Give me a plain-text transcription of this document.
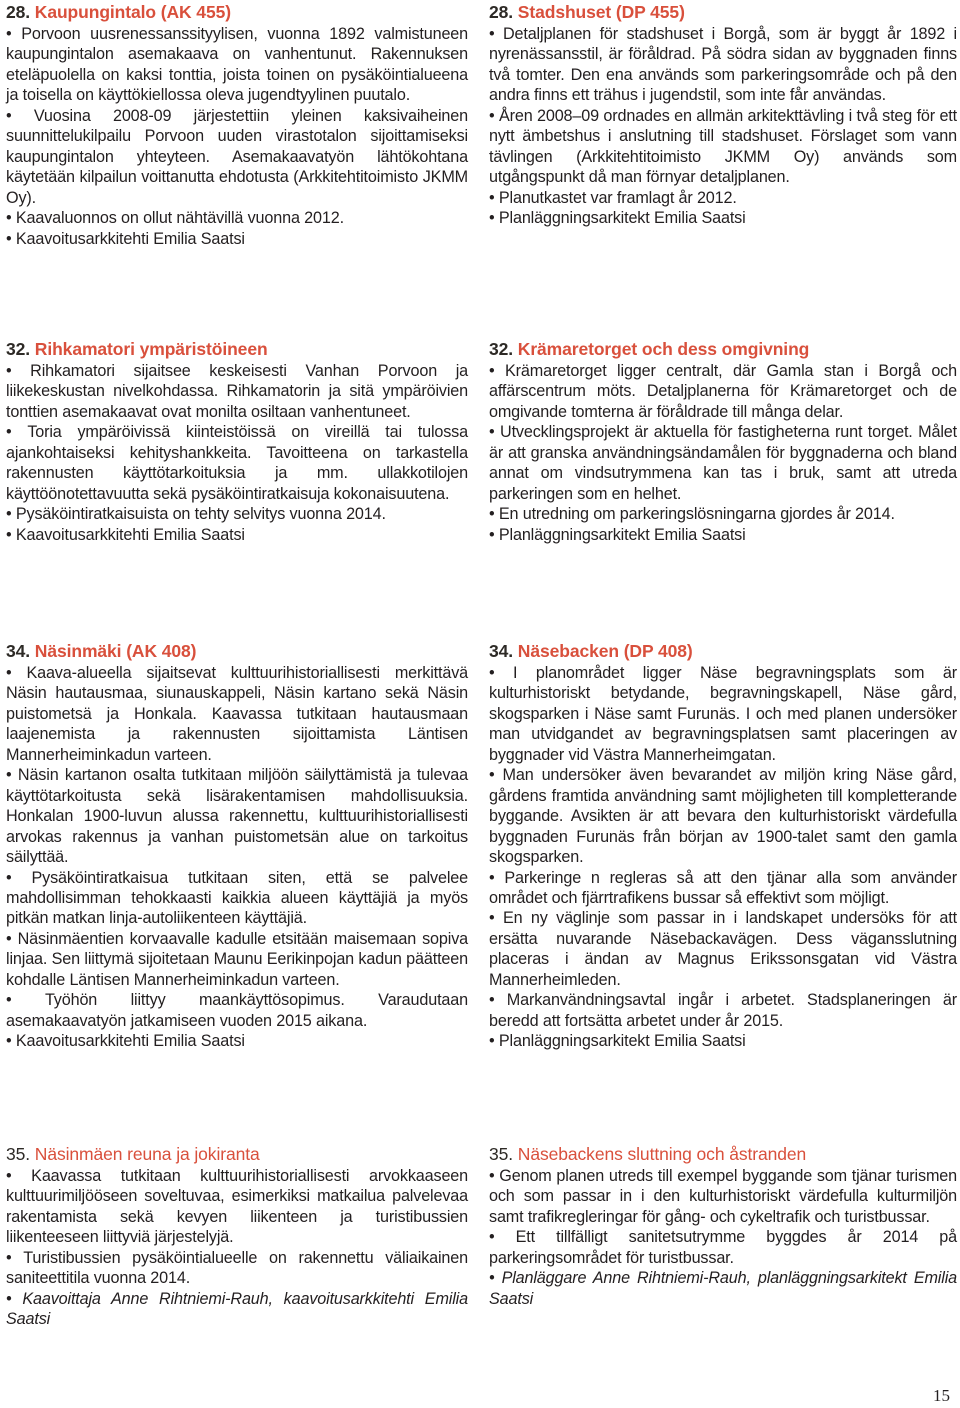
28. Kaupungintalo (AK 455)

• Porvoon uusrenessanssityylisen, vuonna 1892 valmistuneen kaupungintalon asemakaava on vanhentunut. Rakennuksen eteläpuolella on kaksi tonttia, joista toinen on pysäköintialueena ja toisella on käyttökiellossa oleva jugendtyylinen puutalo.

• Vuosina 2008-09 järjestettiin yleinen kaksivaiheinen suunnittelukilpailu Porvoon uuden virastotalon sijoittamiseksi kaupungintalon yhteyteen. Asemakaavatyön lähtökohtana käytetään kilpailun voittanutta ehdotusta (Arkkitehtitoimisto JKMM Oy).

• Kaavaluonnos on ollut nähtävillä vuonna 2012.

• Kaavoitusarkkitehti Emilia Saatsi

28. Stadshuset (DP 455)

• Detaljplanen för stadshuset i Borgå, som är byggt år 1892 i nyrenässansstil, är föråldrad. På södra sidan av byggnaden finns två tomter. Den ena används som parkeringsområde och på den andra finns ett trähus i jugendstil, som inte får användas.

• Åren 2008–09 ordnades en allmän arkitekttävling i två steg för ett nytt ämbetshus i anslutning till stadshuset. Förslaget som vann tävlingen (Arkkitehtitoimisto JKMM Oy) används som utgångspunkt då man förnyar detaljplanen.

• Planutkastet var framlagt år 2012.

• Planläggningsarkitekt Emilia Saatsi

32. Rihkamatori ympäristöineen

• Rihkamatori sijaitsee keskeisesti Vanhan Porvoon ja liikekeskustan nivelkohdassa. Rihkamatorin ja sitä ympäröivien tonttien asemakaavat ovat monilta osiltaan vanhentuneet.

• Toria ympäröivissä kiinteistöissä on vireillä tai tulossa ajankohtaiseksi kehityshankkeita. Tavoitteena on tarkastella rakennusten käyttötarkoituksia ja mm. ullakkotilojen käyttöönotettavuutta sekä pysäköintiratkaisuja kokonaisuutena.

• Pysäköintiratkaisuista on tehty selvitys vuonna 2014.

• Kaavoitusarkkitehti Emilia Saatsi

32. Krämaretorget och dess omgivning

• Krämaretorget ligger centralt, där Gamla stan i Borgå och affärscentrum möts. Detaljplanerna för Krämaretorget och de omgivande tomterna är föråldrade till många delar.

• Utvecklingsprojekt är aktuella för fastigheterna runt torget. Målet är att granska användningsändamålen för byggnaderna och bland annat om vindsutrymmena kan tas i bruk, samt att utreda parkeringen som en helhet.

• En utredning om parkeringslösningarna gjordes år 2014.

• Planläggningsarkitekt Emilia Saatsi

34. Näsinmäki (AK 408)

• Kaava-alueella sijaitsevat kulttuurihistoriallisesti merkittävä Näsin hautausmaa, siunauskappeli, Näsin kartano sekä Näsin puistometsä ja Honkala. Kaavassa tutkitaan hautausmaan laajenemista ja rakennusten sijoittamista Läntisen Mannerheiminkadun varteen.

• Näsin kartanon osalta tutkitaan miljöön säilyttämistä ja tulevaa käyttötarkoitusta sekä lisärakentamisen mahdollisuuksia. Honkalan 1900-luvun alussa rakennettu, kulttuurihistoriallisesti arvokas rakennus ja vanhan puistometsän alue on tarkoitus säilyttää.

• Pysäköintiratkaisua tutkitaan siten, että se palvelee mahdollisimman tehokkaasti kaikkia alueen käyttäjiä ja myös pitkän matkan linja-autoliikenteen käyttäjiä.

• Näsinmäentien korvaavalle kadulle etsitään maisemaan sopiva linjaa. Sen liittymä sijoitetaan Maunu Eerikinpojan kadun päätteen kohdalle Läntisen Mannerheiminkadun varteen.

• Työhön liittyy maankäyttösopimus. Varaudutaan asemakaavatyön jatkamiseen vuoden 2015 aikana.

• Kaavoitusarkkitehti Emilia Saatsi

34. Näsebacken (DP 408)

• I planområdet ligger Näse begravningsplats som är kulturhistoriskt betydande, begravningskapell, Näse gård, skogsparken i Näse samt Furunäs. I och med planen undersöker man utvidgandet av begravningsplatsen samt placeringen av byggnader vid Västra Mannerheimgatan.

• Man undersöker även bevarandet av miljön kring Näse gård, gårdens framtida användning samt möjligheten till kompletterande byggande. Avsikten är att bevara den kulturhistoriskt värdefulla byggnaden Furunäs från början av 1900-talet samt den gamla skogsparken.

• Parkeringe n regleras så att den tjänar alla som använder området och fjärrtrafikens bussar så effektivt som möjligt.

• En ny väglinje som passar in i landskapet undersöks för att ersätta nuvarande Näsebackavägen. Dess vägansslutning placeras i ändan av Magnus Erikssonsgatan vid Västra Mannerheimleden.

• Markanvändningsavtal ingår i arbetet. Stadsplaneringen är beredd att fortsätta arbetet under år 2015.

• Planläggningsarkitekt Emilia Saatsi

35. Näsinmäen reuna ja jokiranta

• Kaavassa tutkitaan kulttuurihistoriallisesti arvokkaaseen kulttuurimiljööseen soveltuvaa, esimerkiksi matkailua palvelevaa rakentamista sekä kevyen liikenteen ja turistibussien liikenteeseen liittyviä järjestelyjä.

• Turistibussien pysäköintialueelle on rakennettu väliaikainen saniteettitila vuonna 2014.

• Kaavoittaja Anne Rihtniemi-Rauh, kaavoitusarkkitehti Emilia Saatsi

35. Näsebackens sluttning och åstranden

• Genom planen utreds till exempel byggande som tjänar turismen och som passar in i den kulturhistoriskt värdefulla kulturmiljön samt trafikregleringar för gång- och cykeltrafik och turistbussar.

• Ett tillfälligt sanitetsutrymme byggdes år 2014 på parkeringsområdet för turistbussar.

• Planläggare Anne Rihtniemi-Rauh, planläggningsarkitekt Emilia Saatsi

15
